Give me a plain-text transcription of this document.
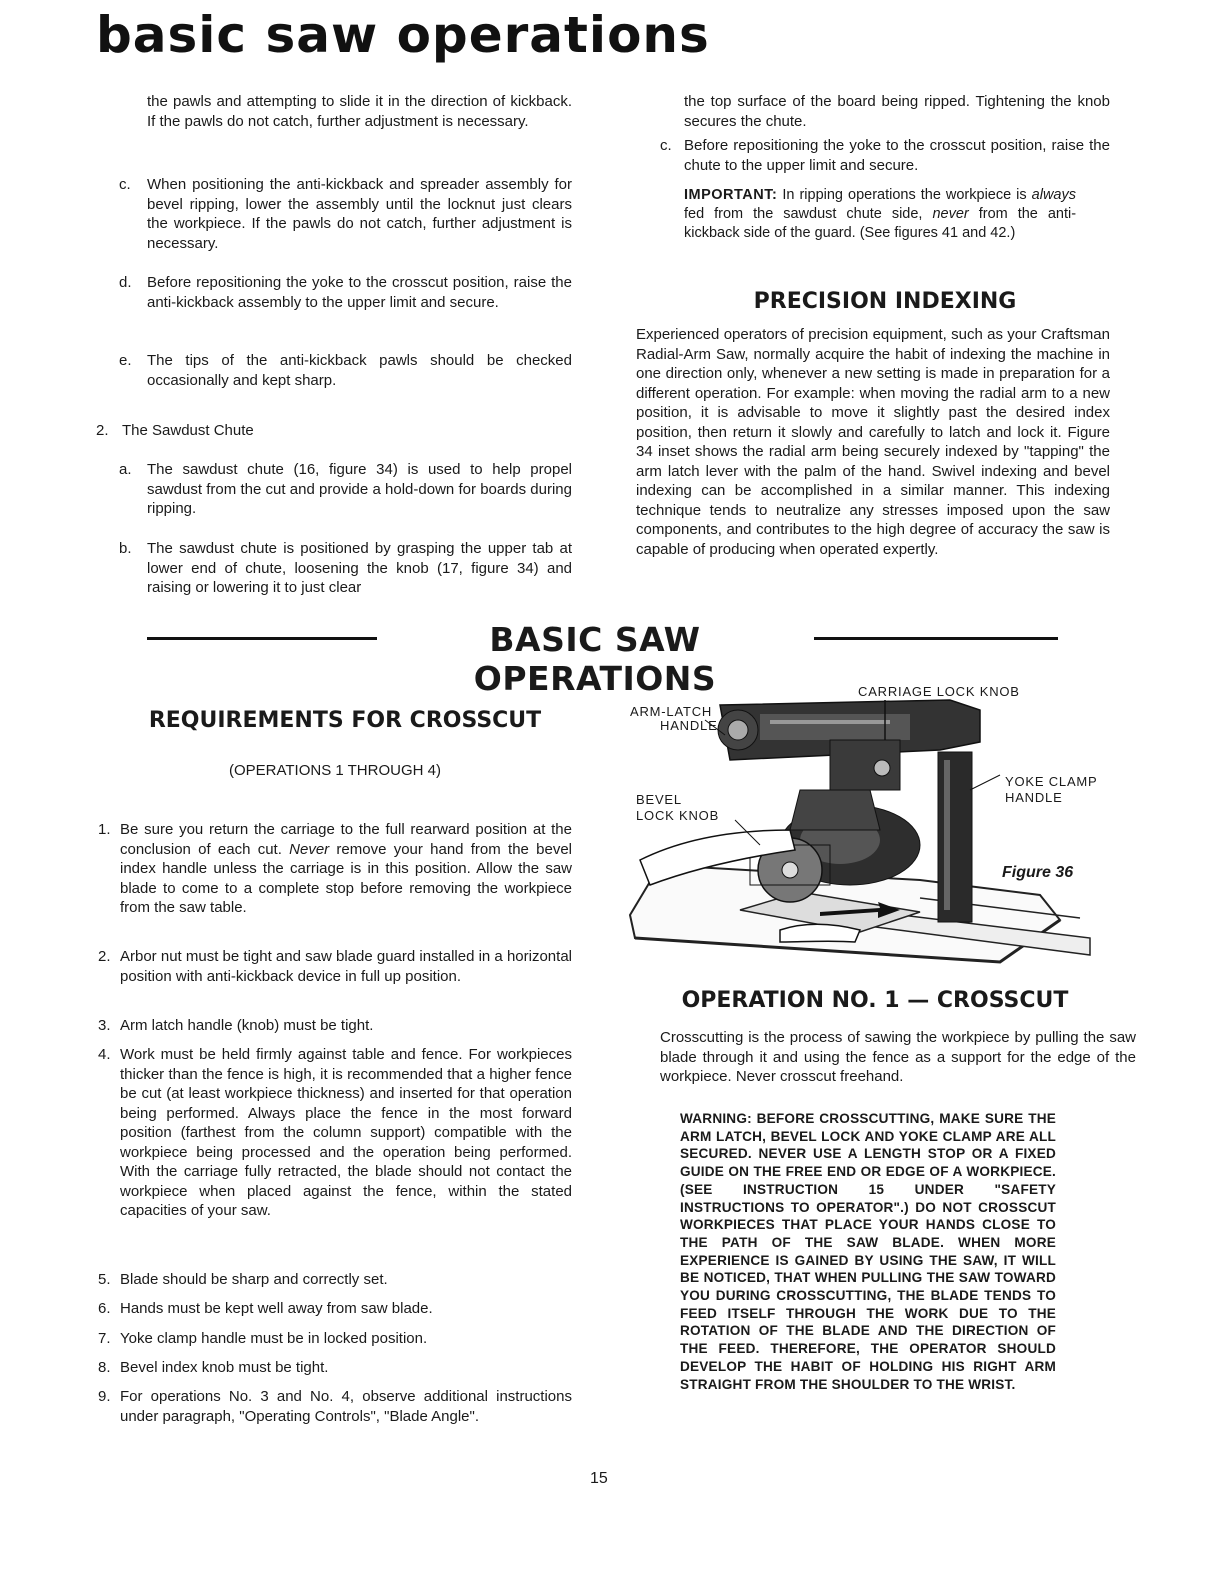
basic saw operations
the pawls and attempting to slide it in the direction of kickback. If the pawls do not catch, further adjustment is necessary.
c. When positioning the anti-kickback and spreader assembly for bevel ripping, lower the assembly until the locknut just clears the workpiece. If the pawls do not catch, further adjustment is necessary.
d. Before repositioning the yoke to the crosscut position, raise the anti-kickback assembly to the upper limit and secure.
e. The tips of the anti-kickback pawls should be checked occasionally and kept sharp.
2. The Sawdust Chute
a. The sawdust chute (16, figure 34) is used to help propel sawdust from the cut and provide a hold-down for boards during ripping.
b. The sawdust chute is positioned by grasping the upper tab at lower end of chute, loosening the knob (17, figure 34) and raising or lowering it to just clear
the top surface of the board being ripped. Tightening the knob secures the chute.
c. Before repositioning the yoke to the crosscut position, raise the chute to the upper limit and secure.
IMPORTANT: In ripping operations the workpiece is always fed from the sawdust chute side, never from the anti-kickback side of the guard. (See figures 41 and 42.)
PRECISION INDEXING
Experienced operators of precision equipment, such as your Craftsman Radial-Arm Saw, normally acquire the habit of indexing the machine in one direction only, whenever a new setting is made in preparation for a different operation. For example: when moving the radial arm to a new position, it is advisable to move it slightly past the desired index position, then return it slowly and carefully to latch and lock it. Figure 34 inset shows the radial arm being securely indexed by "tapping" the arm latch lever with the palm of the hand. Swivel indexing and bevel indexing can be accomplished in a similar manner. This indexing technique tends to neutralize any stresses imposed upon the saw components, and contributes to the high degree of accuracy the saw is capable of producing when operated expertly.
BASIC SAW OPERATIONS
REQUIREMENTS FOR CROSSCUT
(OPERATIONS 1 THROUGH 4)
1. Be sure you return the carriage to the full rearward position at the conclusion of each cut. Never remove your hand from the bevel index handle unless the carriage is in this position. Allow the saw blade to come to a complete stop before removing the workpiece from the saw table.
2. Arbor nut must be tight and saw blade guard installed in a horizontal position with anti-kickback device in full up position.
3. Arm latch handle (knob) must be tight.
4. Work must be held firmly against table and fence. For workpieces thicker than the fence is high, it is recommended that a higher fence be cut (at least workpiece thickness) and inserted for that operation being performed. Always place the fence in the most forward position (farthest from the column support) compatible with the workpiece being processed and the operation being performed. With the carriage fully retracted, the blade should not contact the workpiece when placed against the fence, within the stated capacities of your saw.
5. Blade should be sharp and correctly set.
6. Hands must be kept well away from saw blade.
7. Yoke clamp handle must be in locked position.
8. Bevel index knob must be tight.
9. For operations No. 3 and No. 4, observe additional instructions under paragraph, "Operating Controls", "Blade Angle".
CARRIAGE LOCK KNOB
ARM-LATCH
HANDLE
YOKE CLAMP
HANDLE
BEVEL
LOCK KNOB
Figure 36
OPERATION NO. 1 — CROSSCUT
Crosscutting is the process of sawing the workpiece by pulling the saw blade through it and using the fence as a support for the edge of the workpiece. Never crosscut freehand.
WARNING: BEFORE CROSSCUTTING, MAKE SURE THE ARM LATCH, BEVEL LOCK AND YOKE CLAMP ARE ALL SECURED. NEVER USE A LENGTH STOP OR A FIXED GUIDE ON THE FREE END OR EDGE OF A WORKPIECE. (SEE INSTRUCTION 15 UNDER "SAFETY INSTRUCTIONS TO OPERATOR".) DO NOT CROSSCUT WORKPIECES THAT PLACE YOUR HANDS CLOSE TO THE PATH OF THE SAW BLADE. WHEN MORE EXPERIENCE IS GAINED BY USING THE SAW, IT WILL BE NOTICED, THAT WHEN PULLING THE SAW TOWARD YOU DURING CROSSCUTTING, THE BLADE TENDS TO FEED ITSELF THROUGH THE WORK DUE TO THE ROTATION OF THE BLADE AND THE DIRECTION OF THE FEED. THEREFORE, THE OPERATOR SHOULD DEVELOP THE HABIT OF HOLDING HIS RIGHT ARM STRAIGHT FROM THE SHOULDER TO THE WRIST.
15
